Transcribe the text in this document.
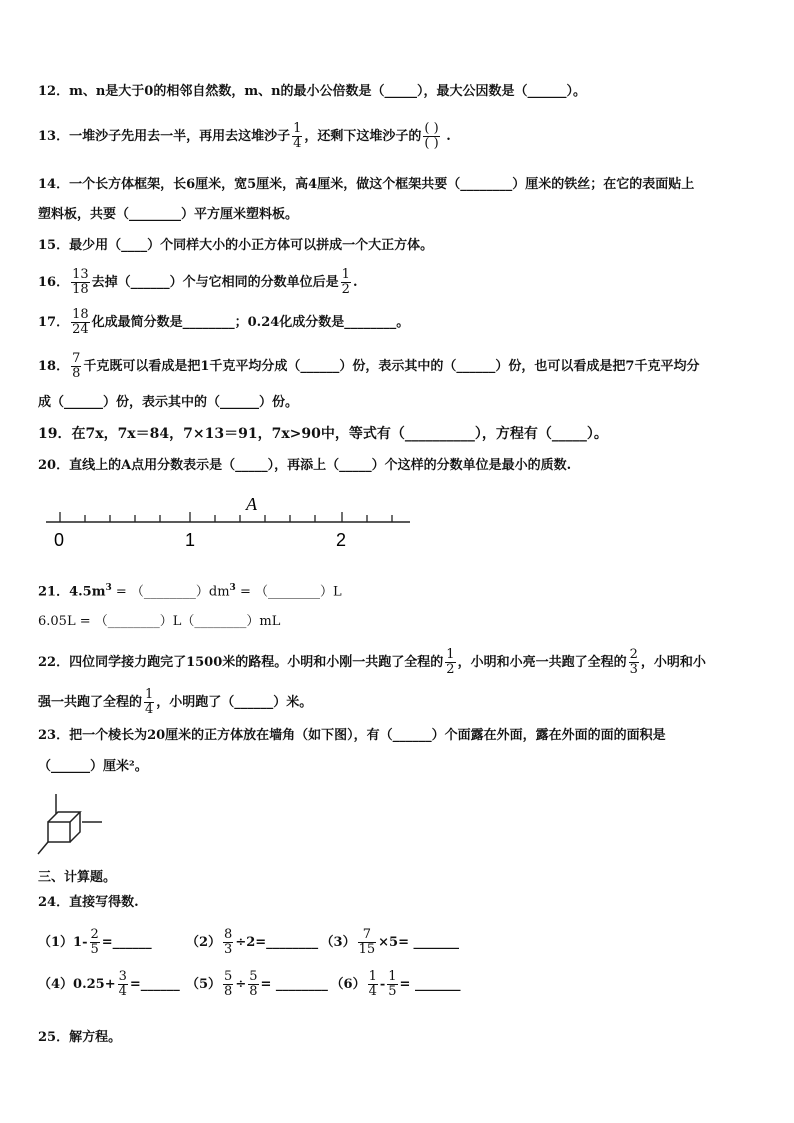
12．m、n是大于0的相邻自然数，m、n的最小公倍数是（_____），最大公因数是（______）。
13．一堆沙子先用去一半，再用去这堆沙子 $\frac{1}{4}$ ，还剩下这堆沙子的 $\frac{( )}{( )}$ .
14．一个长方体框架，长6厘米，宽5厘米，高4厘米，做这个框架共要（________）厘米的铁丝；在它的表面贴上
塑料板，共要（________）平方厘米塑料板。
15．最少用（____）个同样大小的小正方体可以拼成一个大正方体。
16． $\frac{13}{18}$ 去掉（______）个与它相同的分数单位后是 $\frac{1}{2}$ .
17． $\frac{18}{24}$ 化成最简分数是________；0.24化成分数是________。
18． $\frac{7}{8}$ 千克既可以看成是把1千克平均分成（______）份，表示其中的（______）份，也可以看成是把7千克平均分
成（______）份，表示其中的（______）份。
19．在7x，7x＝84，7×13＝91，7x>90中，等式有（__________），方程有（_____）。
20．直线上的A点用分数表示是（_____），再添上（_____）个这样的分数单位是最小的质数.
A
0	1	2
21．$4.5m^3$ = $(\_\_\_\_\_\_\_\_)dm^3$ = （________）L
6.05L = （________）L（________）mL
22．四位同学接力跑完了1500米的路程。小明和小刚一共跑了全程的 $\frac{1}{2}$ ，小明和小亮一共跑了全程的 $\frac{2}{3}$ ，小明和小
强一共跑了全程的 $\frac{1}{4}$ ，小明跑了（______）米。
23．把一个棱长为20厘米的正方体放在墙角（如下图），有（______）个面露在外面，露在外面的面的面积是
（______）厘米²。
三、计算题。
24．直接写得数.
$(1)1- \frac{2}{5}$ =______	$(2) \frac{8}{3}$ ÷2=________ $(3) \frac{7}{15} \times 5=$ _______
$(4)0.25+ \frac{3}{4}$ =______ $(5) \frac{5}{8} \div \frac{5}{8}$ = ________ $(6) \frac{1}{4} - \frac{1}{5}$ = _______
25．解方程。
